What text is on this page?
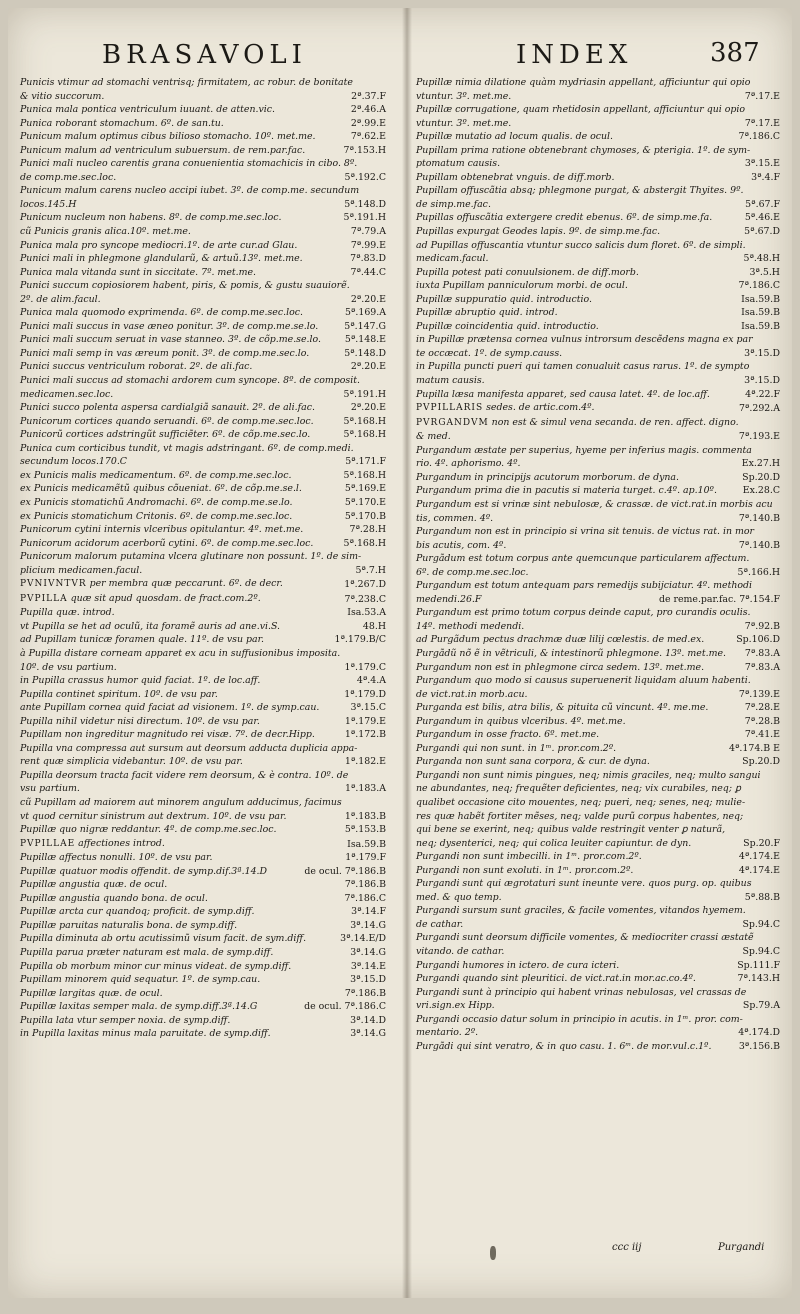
BRASAVOLI	INDEX	387
Punicis vtimur ad stomachi ventrisq; firmitatem, ac robur. de bonitate
& vitio succorum.	2ª.37.F
Punica mala pontica ventriculum iuuant. de atten.vic.	2ª.46.A
Punica roborant stomachum. 6º. de san.tu.	2ª.99.E
Punicum malum optimus cibus bilioso stomacho. 10º. met.me.	7ª.62.E
Punicum malum ad ventriculum subuersum. de rem.par.fac.	7ª.153.H
Punici mali nucleo carentis grana conuenientia stomachicis in cibo. 8º.
de comp.me.sec.loc.	5ª.192.C
Punicum malum carens nucleo accipi iubet. 3º. de comp.me. secundum
locos.145.H	5ª.148.D
Punicum nucleum non habens. 8º. de comp.me.sec.loc.	5ª.191.H
cũ Punicis granis alica.10º. met.me.	7ª.79.A
Punica mala pro syncope mediocri.1º. de arte cur.ad Glau.	7ª.99.E
Punici mali in phlegmone glandularũ, & artuũ.13º. met.me.	7ª.83.D
Punica mala vitanda sunt in siccitate. 7º. met.me.	7ª.44.C
Punici succum copiosiorem habent, piris, & pomis, & gustu suauiorẽ.
2º. de alim.facul.	2ª.20.E
Punica mala quomodo exprimenda. 6º. de comp.me.sec.loc.	5ª.169.A
Punici mali succus in vase æneo ponitur. 3º. de comp.me.se.lo.	5ª.147.G
Punici mali succum seruat in vase stanneo. 3º. de cõp.me.se.lo.	5ª.148.E
Punici mali semp in vas æreum ponit. 3º. de comp.me.sec.lo.	5ª.148.D
Punici succus ventriculum roborat. 2º. de ali.fac.	2ª.20.E
Punici mali succus ad stomachi ardorem cum syncope. 8º. de composit.
medicamen.sec.loc.	5ª.191.H
Punici succo polenta aspersa cardialgiã sanauit. 2º. de ali.fac.	2ª.20.E
Punicorum cortices quando seruandi. 6º. de comp.me.sec.loc.	5ª.168.H
Punicorũ cortices adstringũt sufficiẽter. 6º. de cõp.me.sec.lo.	5ª.168.H
Punica cum corticibus tundit, vt magis adstringant. 6º. de comp.medi.
secundum locos.170.C	5ª.171.F
ex Punicis malis medicamentum. 6º. de comp.me.sec.loc.	5ª.168.H
ex Punicis medicamẽtũ quibus cõueniat. 6º. de cõp.me.se.l.	5ª.169.E
ex Punicis stomatichũ Andromachi. 6º. de comp.me.se.lo.	5ª.170.E
ex Punicis stomatichum Critonis. 6º. de comp.me.sec.loc.	5ª.170.B
Punicorum cytini internis vlceribus opitulantur. 4º. met.me.	7ª.28.H
Punicorum acidorum acerborũ cytini. 6º. de comp.me.sec.loc.	5ª.168.H
Punicorum malorum putamina vlcera glutinare non possunt. 1º. de sim-
plicium medicamen.facul.	5ª.7.H
PVNIVNTVR per membra quæ peccarunt. 6º. de decr.	1ª.267.D
PVPILLA quæ sit apud quosdam. de fract.com.2º.	7ª.238.C
Pupilla quæ. introd.	Isa.53.A
vt Pupilla se het ad oculũ, ita foramẽ auris ad ane.vi.S.	48.H
ad Pupillam tunicæ foramen quale. 11º. de vsu par.	1ª.179.B/C
à Pupilla distare corneam apparet ex acu in suffusionibus imposita.
10º. de vsu partium.	1ª.179.C
in Pupilla crassus humor quid faciat. 1º. de loc.aff.	4ª.4.A
Pupilla continet spiritum. 10º. de vsu par.	1ª.179.D
ante Pupillam cornea quid faciat ad visionem. 1º. de symp.cau.	3ª.15.C
Pupilla nihil videtur nisi directum. 10º. de vsu par.	1ª.179.E
Pupillam non ingreditur magnitudo rei visæ. 7º. de decr.Hipp.	1ª.172.B
Pupilla vna compressa aut sursum aut deorsum adducta duplicia appa-
rent quæ simplicia videbantur. 10º. de vsu par.	1ª.182.E
Pupilla deorsum tracta facit videre rem deorsum, & è contra. 10º. de
vsu partium.	1ª.183.A
cũ Pupillam ad maiorem aut minorem angulum adducimus, facimus
vt quod cernitur sinistrum aut dextrum. 10º. de vsu par.	1ª.183.B
Pupillæ quo nigræ reddantur. 4º. de comp.me.sec.loc.	5ª.153.B
PVPILLAE affectiones introd.	Isa.59.B
Pupillæ affectus nonulli. 10º. de vsu par.	1ª.179.F
Pupillæ quatuor modis offendit. de symp.dif.3ª.14.D	de ocul. 7ª.186.B
Pupillæ angustia quæ. de ocul.	7ª.186.B
Pupillæ angustia quando bona. de ocul.	7ª.186.C
Pupillæ arcta cur quandoq; proficit. de symp.diff.	3ª.14.F
Pupillæ paruitas naturalis bona. de symp.diff.	3ª.14.G
Pupilla diminuta ab ortu acutissimũ visum facit. de sym.diff.	3ª.14.E/D
Pupilla parua præter naturam est mala. de symp.diff.	3ª.14.G
Pupilla ob morbum minor cur minus videat. de symp.diff.	3ª.14.E
Pupillam minorem quid sequatur. 1º. de symp.cau.	3ª.15.D
Pupillæ largitas quæ. de ocul.	7ª.186.B
Pupillæ laxitas semper mala. de symp.diff.3ª.14.G	de ocul. 7ª.186.C
Pupilla lata vtur semper noxia. de symp.diff.	3ª.14.D
in Pupilla laxitas minus mala paruitate. de symp.diff.	3ª.14.G
Pupillæ nimia dilatione quàm mydriasin appellant, afficiuntur qui opio
vtuntur. 3º. met.me.	7ª.17.E
Pupillæ corrugatione, quam rhetidosin appellant, afficiuntur qui opio
vtuntur. 3º. met.me.	7ª.17.E
Pupillæ mutatio ad locum qualis. de ocul.	7ª.186.C
Pupillam prima ratione obtenebrant chymoses, & pterigia. 1º. de sym-
ptomatum causis.	3ª.15.E
Pupillam obtenebrat vnguis. de diff.morb.	3ª.4.F
Pupillam offuscãtia absq; phlegmone purgat, & abstergit Thyites. 9º.
de simp.me.fac.	5ª.67.F
Pupillas offuscãtia extergere credit ebenus. 6º. de simp.me.fa.	5ª.46.E
Pupillas expurgat Geodes lapis. 9º. de simp.me.fac.	5ª.67.D
ad Pupillas offuscantia vtuntur succo salicis dum floret. 6º. de simpli.
medicam.facul.	5ª.48.H
Pupilla potest pati conuulsionem. de diff.morb.	3ª.5.H
iuxta Pupillam panniculorum morbi. de ocul.	7ª.186.C
Pupillæ suppuratio quid. introductio.	Isa.59.B
Pupillæ abruptio quid. introd.	Isa.59.B
Pupillæ coincidentia quid. introductio.	Isa.59.B
in Pupillæ prætensa cornea vulnus introrsum descẽdens magna ex par
te occæcat. 1º. de symp.causs.	3ª.15.D
in Pupilla puncti pueri qui tamen conualuit casus rarus. 1º. de sympto
matum causis.	3ª.15.D
Pupilla læsa manifesta apparet, sed causa latet. 4º. de loc.aff.	4ª.22.F
PVPILLARIS sedes. de artic.com.4º.	7ª.292.A
PVRGANDVM non est & simul vena secanda. de ren. affect. digno.
& med.	7ª.193.E
Purgandum æstate per superius, hyeme per inferius magis. commenta
rio. 4º. aphorismo. 4º.	Ex.27.H
Purgandum in principijs acutorum morborum. de dyna.	Sp.20.D
Purgandum prima die in pacutis si materia turget. c.4º. ap.10º.	Ex.28.C
Purgandum est si vrinæ sint nebulosæ, & crassæ. de vict.rat.in morbis acu
tis, commen. 4º.	7ª.140.B
Purgandum non est in principio si vrina sit tenuis. de victus rat. in mor
bis acutis, com. 4º.	7ª.140.B
Purgãdum est totum corpus ante quemcunque particularem affectum.
6º. de comp.me.sec.loc.	5ª.166.H
Purgandum est totum antequam pars remedijs subijciatur. 4º. methodi
medendi.26.F	de reme.par.fac. 7ª.154.F
Purgandum est primo totum corpus deinde caput, pro curandis oculis.
14º. methodi medendi.	7ª.92.B
ad Purgãdum pectus drachmæ duæ lilij cœlestis. de med.ex.	Sp.106.D
Purgãdũ nõ ẽ in vẽtriculi, & intestinorũ phlegmone. 13º. met.me.	7ª.83.A
Purgandum non est in phlegmone circa sedem. 13º. met.me.	7ª.83.A
Purgandum quo modo si causus superuenerit liquidam aluum habenti.
de vict.rat.in morb.acu.	7ª.139.E
Purganda est bilis, atra bilis, & pituita cũ vincunt. 4º. me.me.	7ª.28.E
Purgandum in quibus vlceribus. 4º. met.me.	7ª.28.B
Purgandum in osse fracto. 6º. met.me.	7ª.41.E
Purgandi qui non sunt. in 1ᵐ. pror.com.2º.	4ª.174.B E
Purganda non sunt sana corpora, & cur. de dyna.	Sp.20.D
Purgandi non sunt nimis pingues, neq; nimis graciles, neq; multo sangui
ne abundantes, neq; frequẽter deficientes, neq; vix curabiles, neq; ꝑ
qualibet occasione cito mouentes, neq; pueri, neq; senes, neq; mulie-
res quæ habẽt fortiter mẽses, neq; valde purũ corpus habentes, neq;
qui bene se exerint, neq; quibus valde restringit venter ꝑ naturã,
neq; dysenterici, neq; qui colica leuiter capiuntur. de dyn.	Sp.20.F
Purgandi non sunt imbecilli. in 1ᵐ. pror.com.2º.	4ª.174.E
Purgandi non sunt exoluti. in 1ᵐ. pror.com.2º.	4ª.174.E
Purgandi sunt qui ægrotaturi sunt ineunte vere. quos purg. op. quibus
med. & quo temp.	5ª.88.B
Purgandi sursum sunt graciles, & facile vomentes, vitandos hyemem.
de cathar.	Sp.94.C
Purgandi sunt deorsum difficile vomentes, & mediocriter crassi æstatẽ
vitando. de cathar.	Sp.94.C
Purgandi humores in ictero. de cura icteri.	Sp.111.F
Purgandi quando sint pleuritici. de vict.rat.in mor.ac.co.4º.	7ª.143.H
Purgandi sunt à principio qui habent vrinas nebulosas, vel crassas de
vri.sign.ex Hipp.	Sp.79.A
Purgandi occasio datur solum in principio in acutis. in 1ᵐ. pror. com-
mentario. 2º.	4ª.174.D
Purgãdi qui sint veratro, & in quo casu. 1. 6ᵐ. de mor.vul.c.1º.	3ª.156.B
ccc iij	Purgandi
